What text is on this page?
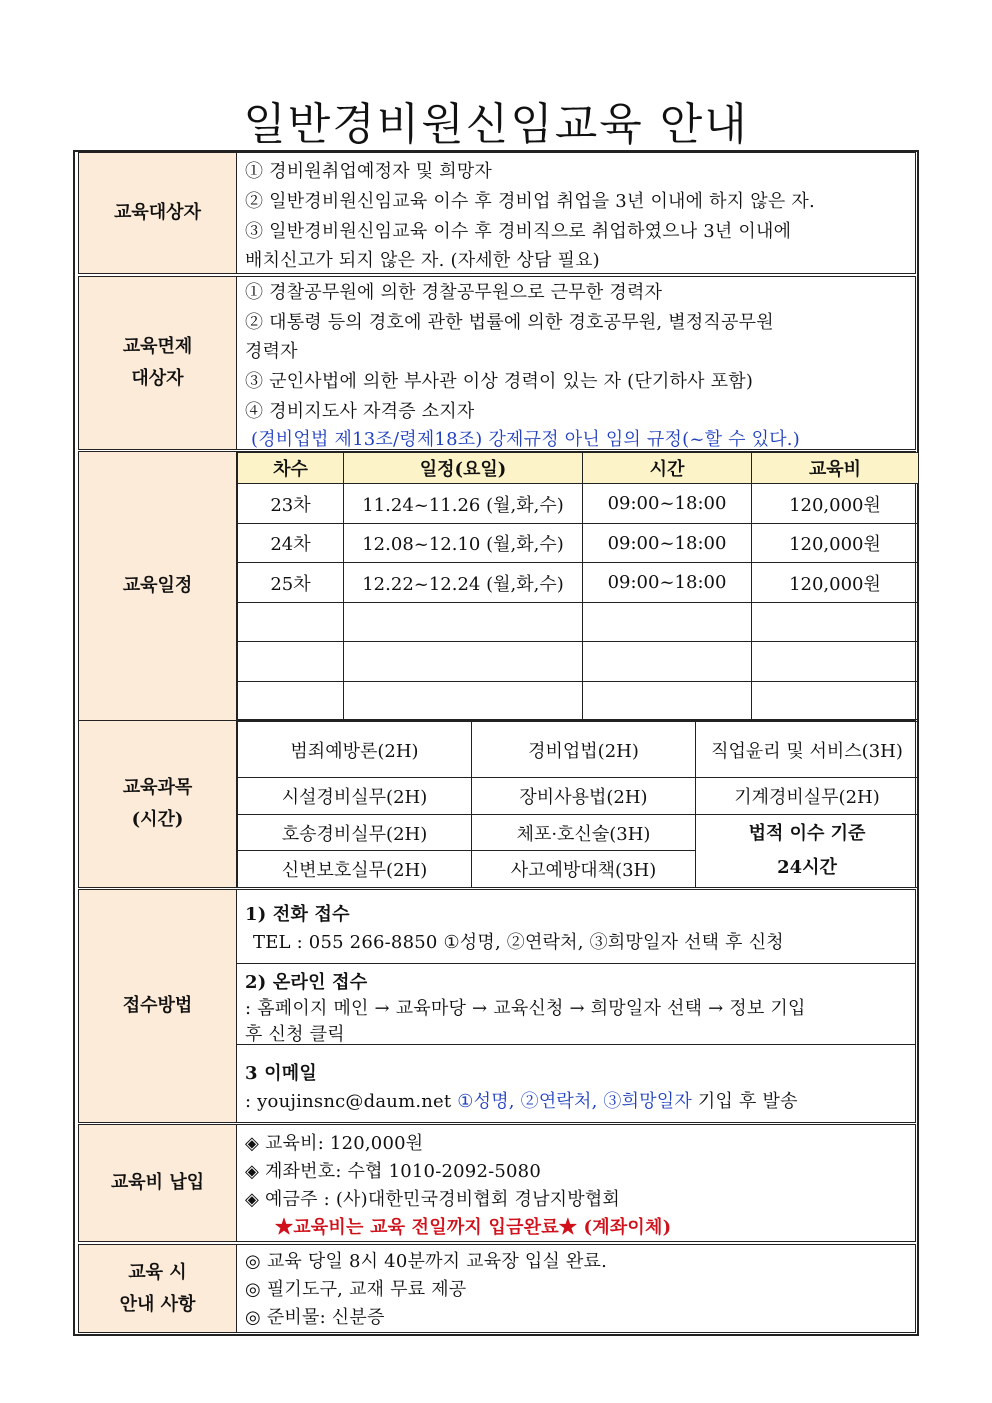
일반경비원신임교육 안내
교육대상자
① 경비원취업예정자 및 희망자
② 일반경비원신임교육 이수 후 경비업 취업을 3년 이내에 하지 않은 자.
③ 일반경비원신임교육 이수 후 경비직으로 취업하였으나 3년 이내에
배치신고가 되지 않은 자. (자세한 상담 필요)
교육면제
대상자
① 경찰공무원에 의한 경찰공무원으로 근무한 경력자
② 대통령 등의 경호에 관한 법률에 의한 경호공무원, 별정직공무원
경력자
③ 군인사법에 의한 부사관 이상 경력이 있는 자 (단기하사 포함)
④ 경비지도사 자격증 소지자
(경비업법 제13조/령제18조) 강제규정 아닌 임의 규정(~할 수 있다.)
교육일정
차수	일정(요일)	시간	교육비
23차	11.24~11.26 (월,화,수)	09:00~18:00	120,000원
24차	12.08~12.10 (월,화,수)	09:00~18:00	120,000원
25차	12.22~12.24 (월,화,수)	09:00~18:00	120,000원

교육과목
(시간)
범죄예방론(2H)	경비업법(2H)	직업윤리 및 서비스(3H)
시설경비실무(2H)	장비사용법(2H)	기계경비실무(2H)
호송경비실무(2H)	체포·호신술(3H)	법적 이수 기준
24시간
신변보호실무(2H)	사고예방대책(3H)	
접수방법
1) 전화 접수
TEL : 055 266-8850 ①성명, ②연락처, ③희망일자 선택 후 신청
2) 온라인 접수
: 홈페이지 메인 → 교육마당 → 교육신청 → 희망일자 선택 → 정보 기입
후 신청 클릭
3 이메일
: youjinsnc@daum.net ①성명, ②연락처, ③희망일자 기입 후 발송
교육비 납입
◈ 교육비: 120,000원
◈ 계좌번호: 수협 1010-2092-5080
◈ 예금주 : (사)대한민국경비협회 경남지방협회
★교육비는 교육 전일까지 입금완료★ (계좌이체)
교육 시
안내 사항
◎ 교육 당일 8시 40분까지 교육장 입실 완료.
◎ 필기도구, 교재 무료 제공
◎ 준비물: 신분증
